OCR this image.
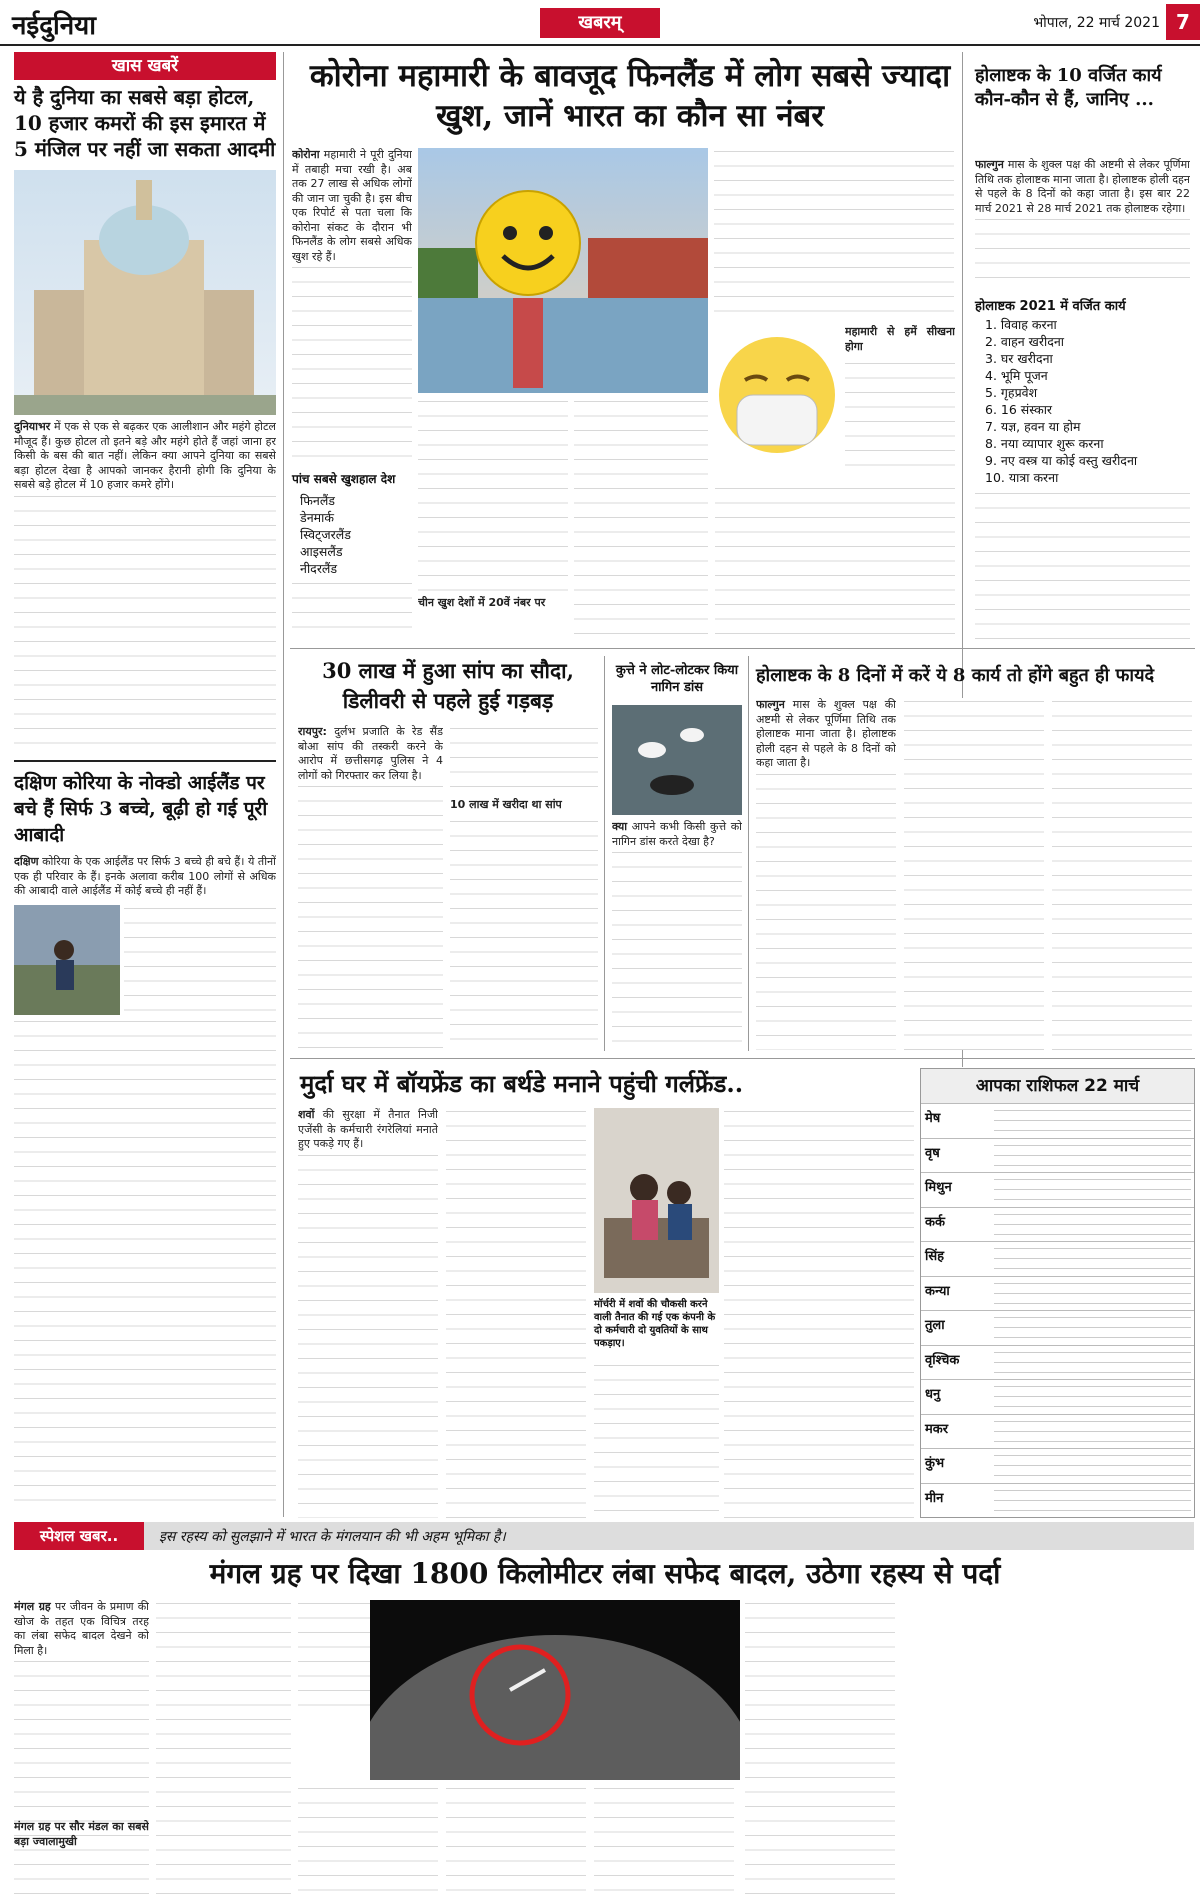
नईदुनिया	खबरम्	भोपाल, 22 मार्च 2021 7
खास खबरें
ये है दुनिया का सबसे बड़ा होटल, 10 हजार कमरों की इस इमारत में 5 मंजिल पर नहीं जा सकता आदमी
दुनियाभर में एक से एक से बढ़कर एक आलीशान और महंगे होटल मौजूद हैं। कुछ होटल तो इतने बड़े और महंगे होते हैं जहां जाना हर किसी के बस की बात नहीं। लेकिन क्या आपने दुनिया का सबसे बड़ा होटल देखा है आपको जानकर हैरानी होगी कि दुनिया के सबसे बड़े होटल में 10 हजार कमरे होंगे।
दक्षिण कोरिया के नोक्डो आईलैंड पर बचे हैं सिर्फ 3 बच्चे, बूढ़ी हो गई पूरी आबादी
दक्षिण कोरिया के एक आईलैंड पर सिर्फ 3 बच्चे ही बचे हैं। ये तीनों एक ही परिवार के हैं। इनके अलावा करीब 100 लोगों से अधिक की आबादी वाले आईलैंड में कोई बच्चे ही नहीं हैं।
कोरोना महामारी के बावजूद फिनलैंड में लोग सबसे ज्यादा खुश, जानें भारत का कौन सा नंबर
कोरोना महामारी ने पूरी दुनिया में तबाही मचा रखी है। अब तक 27 लाख से अधिक लोगों की जान जा चुकी है। इस बीच एक रिपोर्ट से पता चला कि कोरोना संकट के दौरान भी फिनलैंड के लोग सबसे अधिक खुश रहे हैं।
महामारी से हमें सीखना होगा
पांच सबसे खुशहाल देश
फिनलैंड
डेनमार्क
स्विट्जरलैंड
आइसलैंड
नीदरलैंड
चीन खुश देशों में 20वें नंबर पर
होलाष्टक के 10 वर्जित कार्य कौन-कौन से हैं, जानिए ...
फाल्गुन मास के शुक्ल पक्ष की अष्टमी से लेकर पूर्णिमा तिथि तक होलाष्टक माना जाता है। होलाष्टक होली दहन से पहले के 8 दिनों को कहा जाता है। इस बार 22 मार्च 2021 से 28 मार्च 2021 तक होलाष्टक रहेगा।
होलाष्टक 2021 में वर्जित कार्य
1. विवाह करना
2. वाहन खरीदना
3. घर खरीदना
4. भूमि पूजन
5. गृहप्रवेश
6. 16 संस्कार
7. यज्ञ, हवन या होम
8. नया व्यापार शुरू करना
9. नए वस्त्र या कोई वस्तु खरीदना
10. यात्रा करना
30 लाख में हुआ सांप का सौदा, डिलीवरी से पहले हुई गड़बड़
रायपुर: दुर्लभ प्रजाति के रेड सैंड बोआ सांप की तस्करी करने के आरोप में छत्तीसगढ़ पुलिस ने 4 लोगों को गिरफ्तार कर लिया है।
10 लाख में खरीदा था सांप
कुत्ते ने लोट-लोटकर किया नागिन डांस
क्या आपने कभी किसी कुत्ते को नागिन डांस करते देखा है?
होलाष्टक के 8 दिनों में करें ये 8 कार्य तो होंगे बहुत ही फायदे
फाल्गुन मास के शुक्ल पक्ष की अष्टमी से लेकर पूर्णिमा तिथि तक होलाष्टक माना जाता है। होलाष्टक होली दहन से पहले के 8 दिनों को कहा जाता है।
मुर्दा घर में बॉयफ्रेंड का बर्थडे मनाने पहुंची गर्लफ्रेंड..
शवों की सुरक्षा में तैनात निजी एजेंसी के कर्मचारी रंगरेलियां मनाते हुए पकड़े गए हैं।
मॉर्चरी में शवों की चौकसी करने वाली तैनात की गई एक कंपनी के दो कर्मचारी दो युवतियों के साथ पकड़ाए।
आपका राशिफल 22 मार्च
मेष
वृष
मिथुन
कर्क
सिंह
कन्या
तुला
वृश्चिक
धनु
मकर
कुंभ
मीन
स्पेशल खबर..	इस रहस्य को सुलझाने में भारत के मंगलयान की भी अहम भूमिका है।
मंगल ग्रह पर दिखा 1800 किलोमीटर लंबा सफेद बादल, उठेगा रहस्य से पर्दा
मंगल ग्रह पर जीवन के प्रमाण की खोज के तहत एक विचित्र तरह का लंबा सफेद बादल देखने को मिला है।
मंगल ग्रह पर सौर मंडल का सबसे बड़ा ज्वालामुखी
